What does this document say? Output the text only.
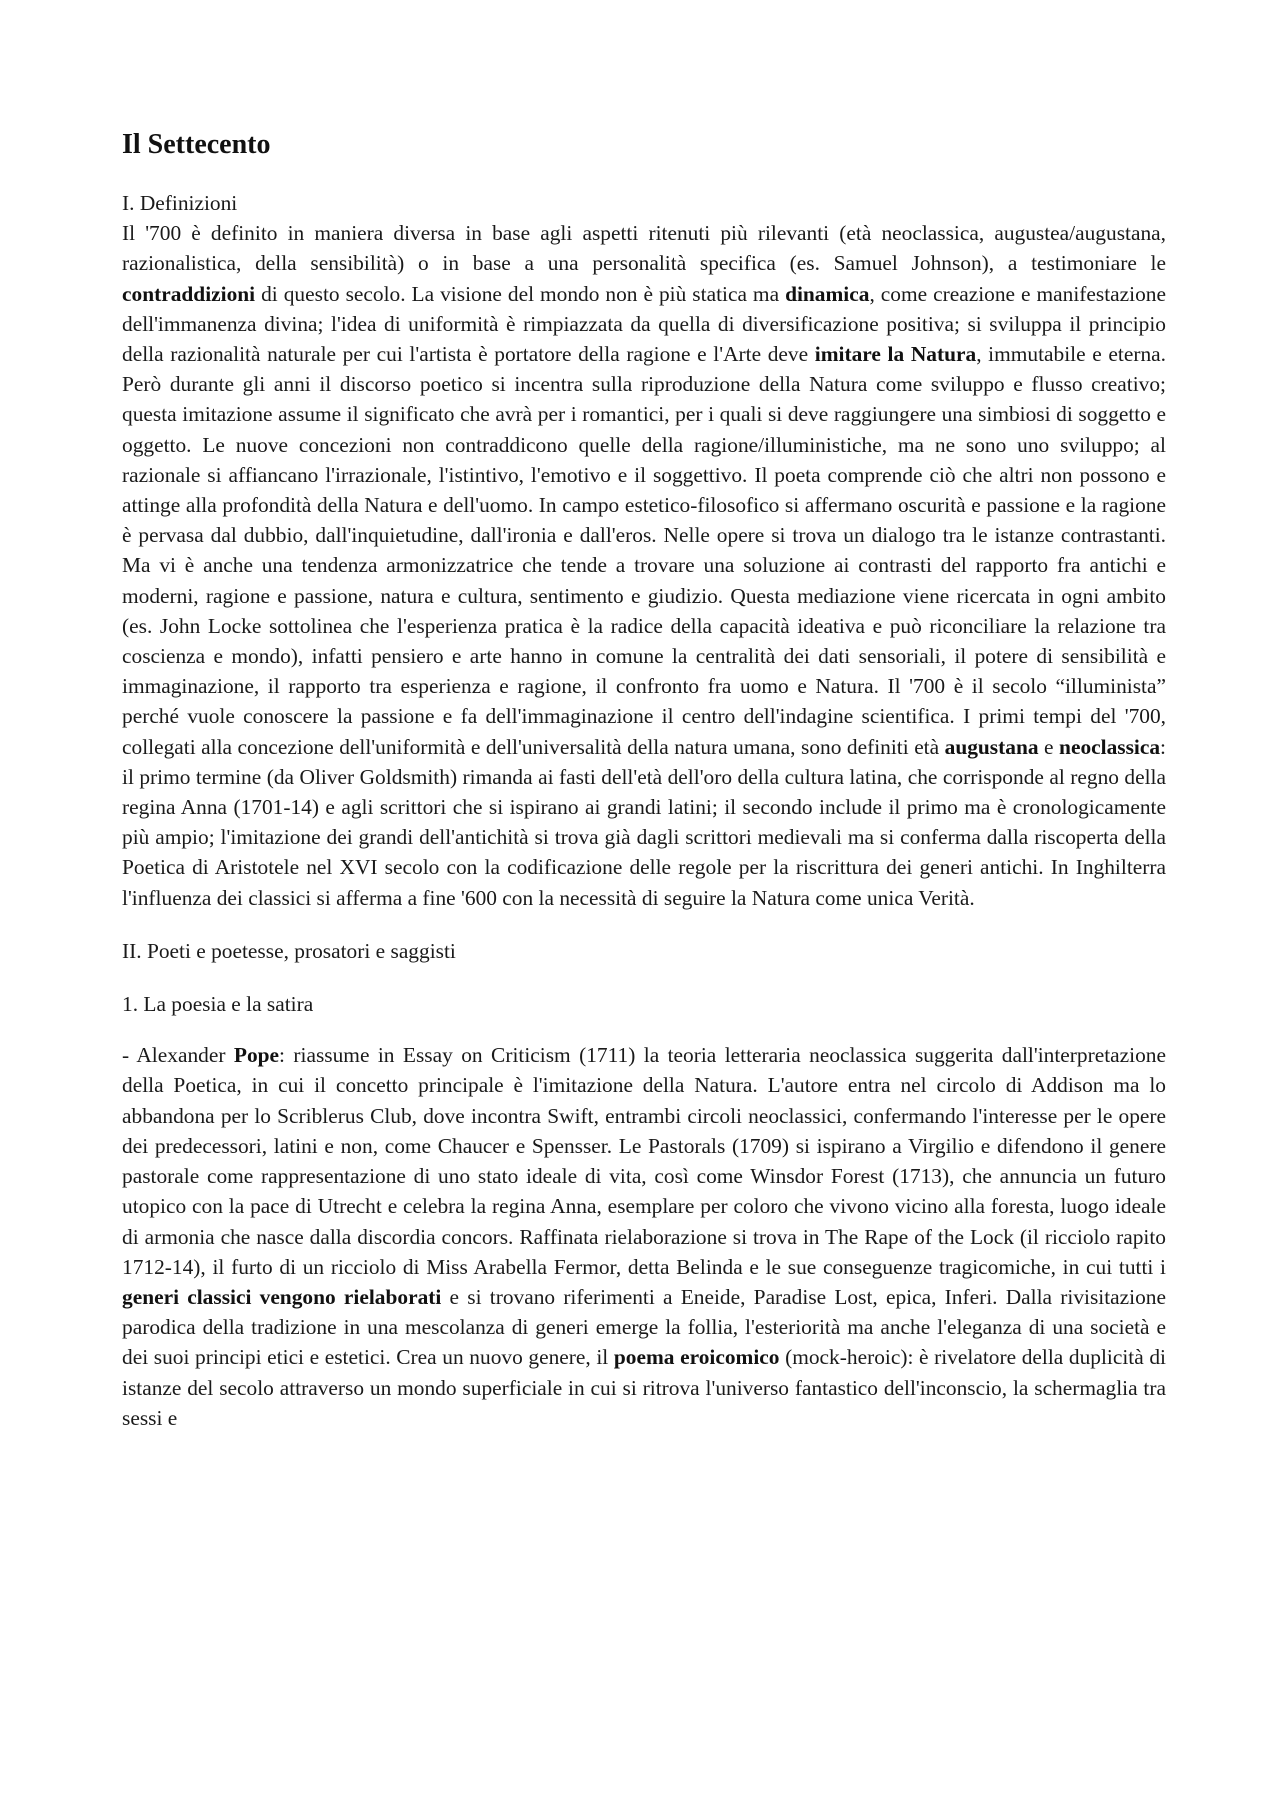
Il Settecento
I. Definizioni

Il '700 è definito in maniera diversa in base agli aspetti ritenuti più rilevanti (età neoclassica, augustea/augustana, razionalistica, della sensibilità) o in base a una personalità specifica (es. Samuel Johnson), a testimoniare le contraddizioni di questo secolo. La visione del mondo non è più statica ma dinamica, come creazione e manifestazione dell'immanenza divina; l'idea di uniformità è rimpiazzata da quella di diversificazione positiva; si sviluppa il principio della razionalità naturale per cui l'artista è portatore della ragione e l'Arte deve imitare la Natura, immutabile e eterna. Però durante gli anni il discorso poetico si incentra sulla riproduzione della Natura come sviluppo e flusso creativo; questa imitazione assume il significato che avrà per i romantici, per i quali si deve raggiungere una simbiosi di soggetto e oggetto. Le nuove concezioni non contraddicono quelle della ragione/illuministiche, ma ne sono uno sviluppo; al razionale si affiancano l'irrazionale, l'istintivo, l'emotivo e il soggettivo. Il poeta comprende ciò che altri non possono e attinge alla profondità della Natura e dell'uomo. In campo estetico-filosofico si affermano oscurità e passione e la ragione è pervasa dal dubbio, dall'inquietudine, dall'ironia e dall'eros. Nelle opere si trova un dialogo tra le istanze contrastanti. Ma vi è anche una tendenza armonizzatrice che tende a trovare una soluzione ai contrasti del rapporto fra antichi e moderni, ragione e passione, natura e cultura, sentimento e giudizio. Questa mediazione viene ricercata in ogni ambito (es. John Locke sottolinea che l'esperienza pratica è la radice della capacità ideativa e può riconciliare la relazione tra coscienza e mondo), infatti pensiero e arte hanno in comune la centralità dei dati sensoriali, il potere di sensibilità e immaginazione, il rapporto tra esperienza e ragione, il confronto fra uomo e Natura. Il '700 è il secolo “illuminista” perché vuole conoscere la passione e fa dell'immaginazione il centro dell'indagine scientifica. I primi tempi del '700, collegati alla concezione dell'uniformità e dell'universalità della natura umana, sono definiti età augustana e neoclassica: il primo termine (da Oliver Goldsmith) rimanda ai fasti dell'età dell'oro della cultura latina, che corrisponde al regno della regina Anna (1701-14) e agli scrittori che si ispirano ai grandi latini; il secondo include il primo ma è cronologicamente più ampio; l'imitazione dei grandi dell'antichità si trova già dagli scrittori medievali ma si conferma dalla riscoperta della Poetica di Aristotele nel XVI secolo con la codificazione delle regole per la riscrittura dei generi antichi. In Inghilterra l'influenza dei classici si afferma a fine '600 con la necessità di seguire la Natura come unica Verità.

II. Poeti e poetesse, prosatori e saggisti
1. La poesia e la satira

- Alexander Pope: riassume in Essay on Criticism (1711) la teoria letteraria neoclassica suggerita dall'interpretazione della Poetica, in cui il concetto principale è l'imitazione della Natura. L'autore entra nel circolo di Addison ma lo abbandona per lo Scriblerus Club, dove incontra Swift, entrambi circoli neoclassici, confermando l'interesse per le opere dei predecessori, latini e non, come Chaucer e Spensser. Le Pastorals (1709) si ispirano a Virgilio e difendono il genere pastorale come rappresentazione di uno stato ideale di vita, così come Winsdor Forest (1713), che annuncia un futuro utopico con la pace di Utrecht e celebra la regina Anna, esemplare per coloro che vivono vicino alla foresta, luogo ideale di armonia che nasce dalla discordia concors. Raffinata rielaborazione si trova in The Rape of the Lock (il ricciolo rapito 1712-14), il furto di un ricciolo di Miss Arabella Fermor, detta Belinda e le sue conseguenze tragicomiche, in cui tutti i generi classici vengono rielaborati e si trovano riferimenti a Eneide, Paradise Lost, epica, Inferi. Dalla rivisitazione parodica della tradizione in una mescolanza di generi emerge la follia, l'esteriorità ma anche l'eleganza di una società e dei suoi principi etici e estetici. Crea un nuovo genere, il poema eroicomico (mock-heroic): è rivelatore della duplicità di istanze del secolo attraverso un mondo superficiale in cui si ritrova l'universo fantastico dell'inconscio, la schermaglia tra sessi e
